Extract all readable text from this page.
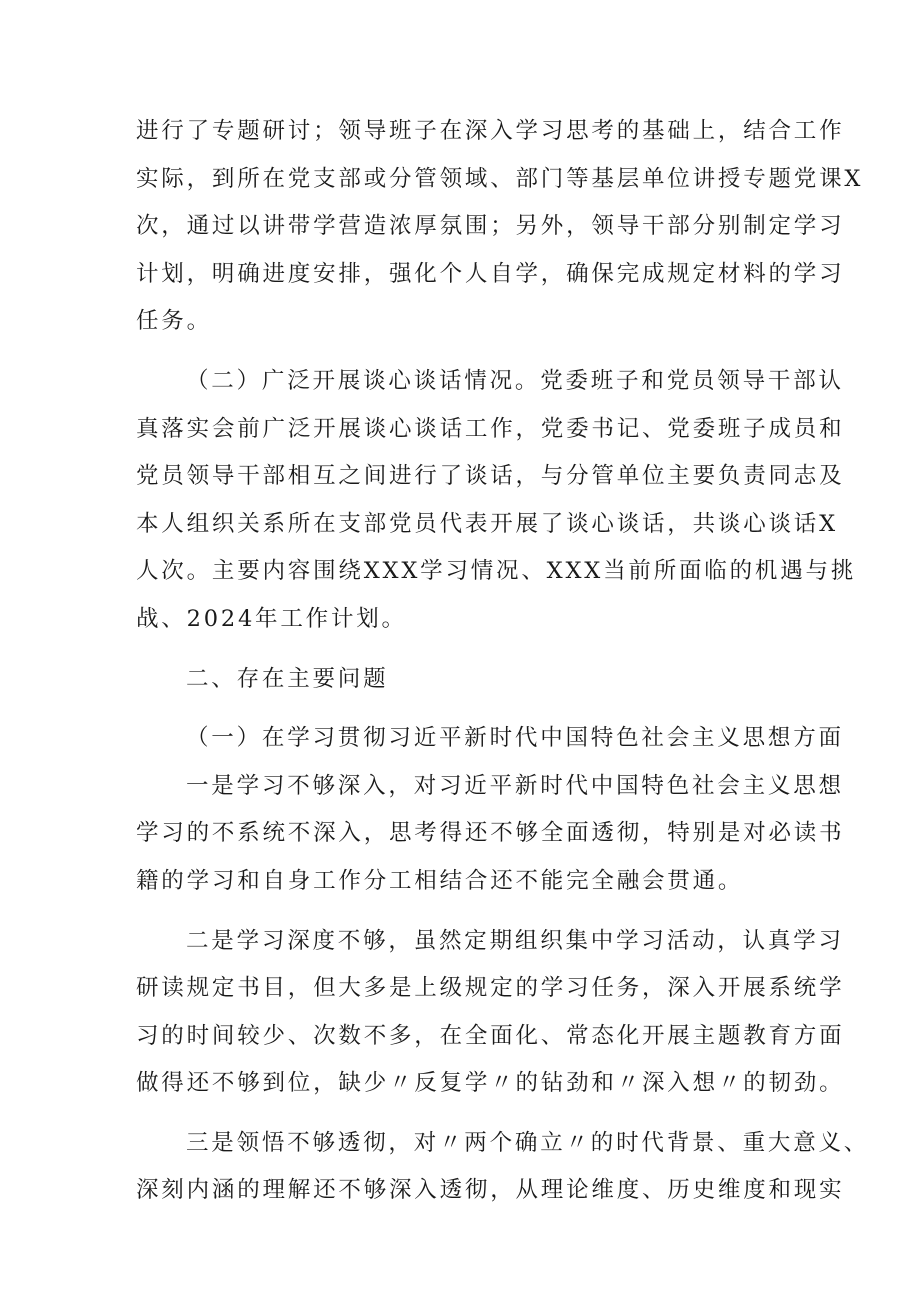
进行了专题研讨；领导班子在深入学习思考的基础上，结合工作
实际，到所在党支部或分管领域、部门等基层单位讲授专题党课X
次，通过以讲带学营造浓厚氛围；另外，领导干部分别制定学习
计划，明确进度安排，强化个人自学，确保完成规定材料的学习
任务。
（二）广泛开展谈心谈话情况。党委班子和党员领导干部认
真落实会前广泛开展谈心谈话工作，党委书记、党委班子成员和
党员领导干部相互之间进行了谈话，与分管单位主要负责同志及
本人组织关系所在支部党员代表开展了谈心谈话，共谈心谈话X
人次。主要内容围绕XXX学习情况、XXX当前所面临的机遇与挑
战、2024年工作计划。
二、存在主要问题
（一）在学习贯彻习近平新时代中国特色社会主义思想方面
一是学习不够深入，对习近平新时代中国特色社会主义思想
学习的不系统不深入，思考得还不够全面透彻，特别是对必读书
籍的学习和自身工作分工相结合还不能完全融会贯通。
二是学习深度不够，虽然定期组织集中学习活动，认真学习
研读规定书目，但大多是上级规定的学习任务，深入开展系统学
习的时间较少、次数不多，在全面化、常态化开展主题教育方面
做得还不够到位，缺少〃反复学〃的钻劲和〃深入想〃的韧劲。
三是领悟不够透彻，对〃两个确立〃的时代背景、重大意义、
深刻内涵的理解还不够深入透彻，从理论维度、历史维度和现实
